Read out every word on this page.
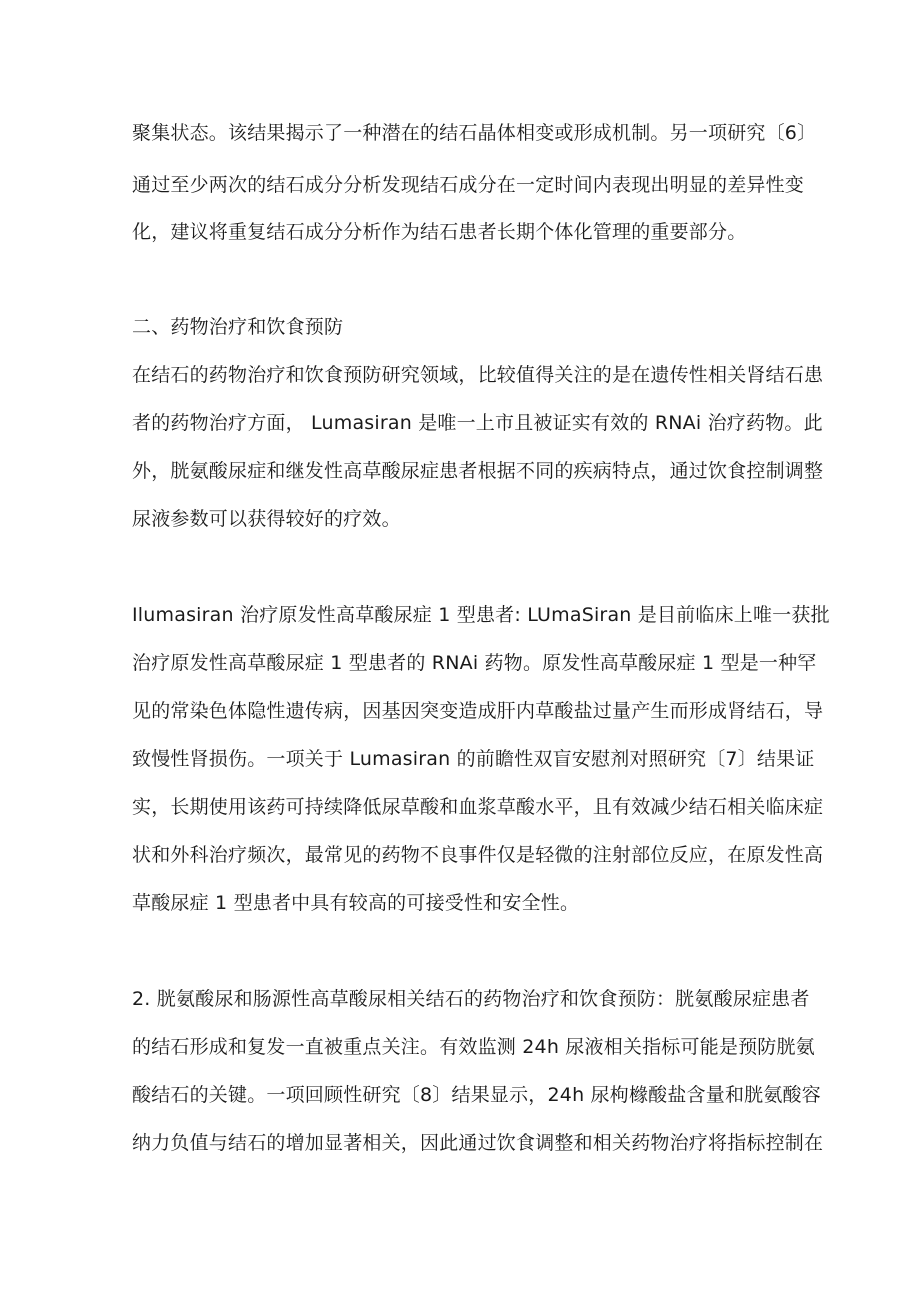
聚集状态。该结果揭示了一种潜在的结石晶体相变或形成机制。另一项研究〔6〕
通过至少两次的结石成分分析发现结石成分在一定时间内表现出明显的差异性变
化，建议将重复结石成分分析作为结石患者长期个体化管理的重要部分。
二、药物治疗和饮食预防
在结石的药物治疗和饮食预防研究领域，比较值得关注的是在遗传性相关肾结石患
者的药物治疗方面， Lumasiran 是唯一上市且被证实有效的 RNAi 治疗药物。此
外，胱氨酸尿症和继发性高草酸尿症患者根据不同的疾病特点，通过饮食控制调整
尿液参数可以获得较好的疗效。
Ilumasiran 治疗原发性高草酸尿症 1 型患者: LUmaSiran 是目前临床上唯一获批
治疗原发性高草酸尿症 1 型患者的 RNAi 药物。原发性高草酸尿症 1 型是一种罕
见的常染色体隐性遗传病，因基因突变造成肝内草酸盐过量产生而形成肾结石，导
致慢性肾损伤。一项关于 Lumasiran 的前瞻性双盲安慰剂对照研究〔7〕结果证
实，长期使用该药可持续降低尿草酸和血浆草酸水平，且有效减少结石相关临床症
状和外科治疗频次，最常见的药物不良事件仅是轻微的注射部位反应，在原发性高
草酸尿症 1 型患者中具有较高的可接受性和安全性。
2. 胱氨酸尿和肠源性高草酸尿相关结石的药物治疗和饮食预防：胱氨酸尿症患者
的结石形成和复发一直被重点关注。有效监测 24h 尿液相关指标可能是预防胱氨
酸结石的关键。一项回顾性研究〔8〕结果显示，24h 尿枸橼酸盐含量和胱氨酸容
纳力负值与结石的增加显著相关，因此通过饮食调整和相关药物治疗将指标控制在
